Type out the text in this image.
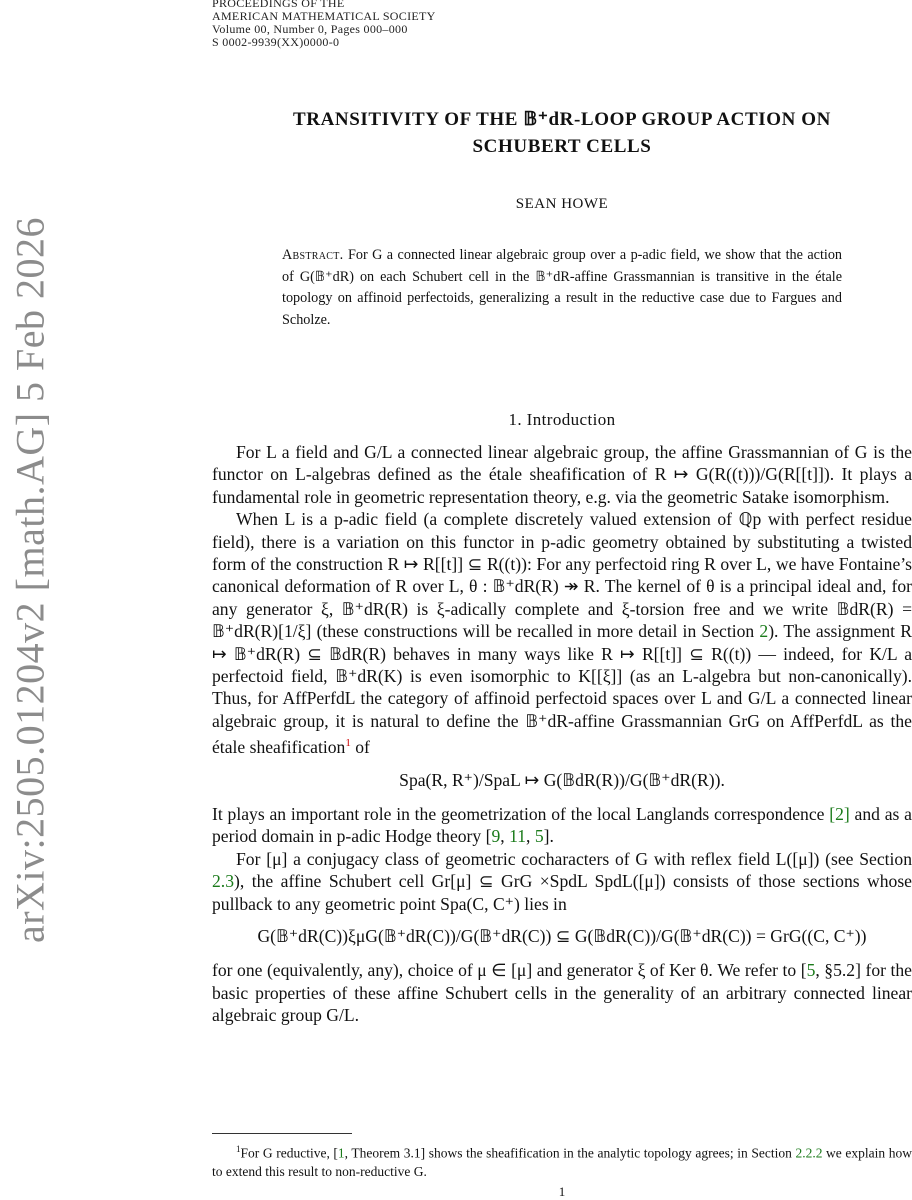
arXiv:2505.01204v2 [math.AG] 5 Feb 2026
PROCEEDINGS OF THE
AMERICAN MATHEMATICAL SOCIETY
Volume 00, Number 0, Pages 000–000
S 0002-9939(XX)0000-0
TRANSITIVITY OF THE 𝔹⁺dR-LOOP GROUP ACTION ON
SCHUBERT CELLS
SEAN HOWE
Abstract. For G a connected linear algebraic group over a p-adic field, we show that the action of G(𝔹⁺dR) on each Schubert cell in the 𝔹⁺dR-affine Grassmannian is transitive in the étale topology on affinoid perfectoids, generalizing a result in the reductive case due to Fargues and Scholze.
1. Introduction

For L a field and G/L a connected linear algebraic group, the affine Grassmannian of G is the functor on L-algebras defined as the étale sheafification of R ↦ G(R((t)))/G(R[[t]]). It plays a fundamental role in geometric representation theory, e.g. via the geometric Satake isomorphism.

When L is a p-adic field (a complete discretely valued extension of ℚp with perfect residue field), there is a variation on this functor in p-adic geometry obtained by substituting a twisted form of the construction R ↦ R[[t]] ⊆ R((t)): For any perfectoid ring R over L, we have Fontaine’s canonical deformation of R over L, θ : 𝔹⁺dR(R) ↠ R. The kernel of θ is a principal ideal and, for any generator ξ, 𝔹⁺dR(R) is ξ-adically complete and ξ-torsion free and we write 𝔹dR(R) = 𝔹⁺dR(R)[1/ξ] (these constructions will be recalled in more detail in Section 2). The assignment R ↦ 𝔹⁺dR(R) ⊆ 𝔹dR(R) behaves in many ways like R ↦ R[[t]] ⊆ R((t)) — indeed, for K/L a perfectoid field, 𝔹⁺dR(K) is even isomorphic to K[[ξ]] (as an L-algebra but non-canonically). Thus, for AffPerfdL the category of affinoid perfectoid spaces over L and G/L a connected linear algebraic group, it is natural to define the 𝔹⁺dR-affine Grassmannian GrG on AffPerfdL as the étale sheafification$^1$ of

Spa(R, R⁺)/SpaL ↦ G(𝔹dR(R))/G(𝔹⁺dR(R)).

It plays an important role in the geometrization of the local Langlands correspondence [2] and as a period domain in p-adic Hodge theory [9, 11, 5].

For [μ] a conjugacy class of geometric cocharacters of G with reflex field L([μ]) (see Section 2.3), the affine Schubert cell Gr[μ] ⊆ GrG ×SpdL SpdL([μ]) consists of those sections whose pullback to any geometric point Spa(C, C⁺) lies in

G(𝔹⁺dR(C))ξμG(𝔹⁺dR(C))/G(𝔹⁺dR(C)) ⊆ G(𝔹dR(C))/G(𝔹⁺dR(C)) = GrG((C, C⁺))

for one (equivalently, any), choice of μ ∈ [μ] and generator ξ of Ker θ. We refer to [5, §5.2] for the basic properties of these affine Schubert cells in the generality of an arbitrary connected linear algebraic group G/L.

$^1$For G reductive, [1, Theorem 3.1] shows the sheafification in the analytic topology agrees; in Section 2.2.2 we explain how to extend this result to non-reductive G.
1
